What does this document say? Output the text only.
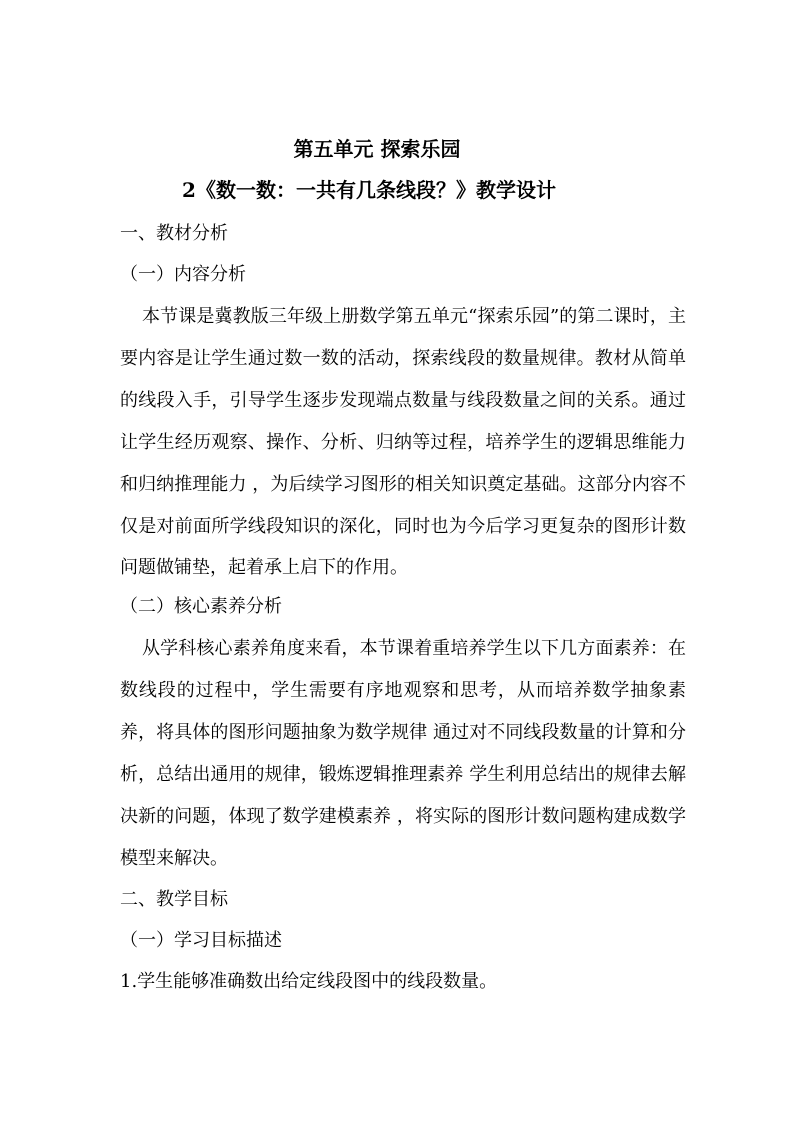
第五单元 探索乐园
2《数一数：一共有几条线段？》教学设计
一、教材分析
（一）内容分析
本节课是冀教版三年级上册数学第五单元“探索乐园”的第二课时，主要内容是让学生通过数一数的活动，探索线段的数量规律。教材从简单的线段入手，引导学生逐步发现端点数量与线段数量之间的关系。通过让学生经历观察、操作、分析、归纳等过程，培养学生的逻辑思维能力和归纳推理能力 ，为后续学习图形的相关知识奠定基础。这部分内容不仅是对前面所学线段知识的深化，同时也为今后学习更复杂的图形计数问题做铺垫，起着承上启下的作用。
（二）核心素养分析
从学科核心素养角度来看，本节课着重培养学生以下几方面素养：在数线段的过程中，学生需要有序地观察和思考，从而培养数学抽象素养，将具体的图形问题抽象为数学规律 通过对不同线段数量的计算和分析，总结出通用的规律，锻炼逻辑推理素养 学生利用总结出的规律去解决新的问题，体现了数学建模素养 ，将实际的图形计数问题构建成数学模型来解决。
二、教学目标
（一）学习目标描述
1.学生能够准确数出给定线段图中的线段数量。
